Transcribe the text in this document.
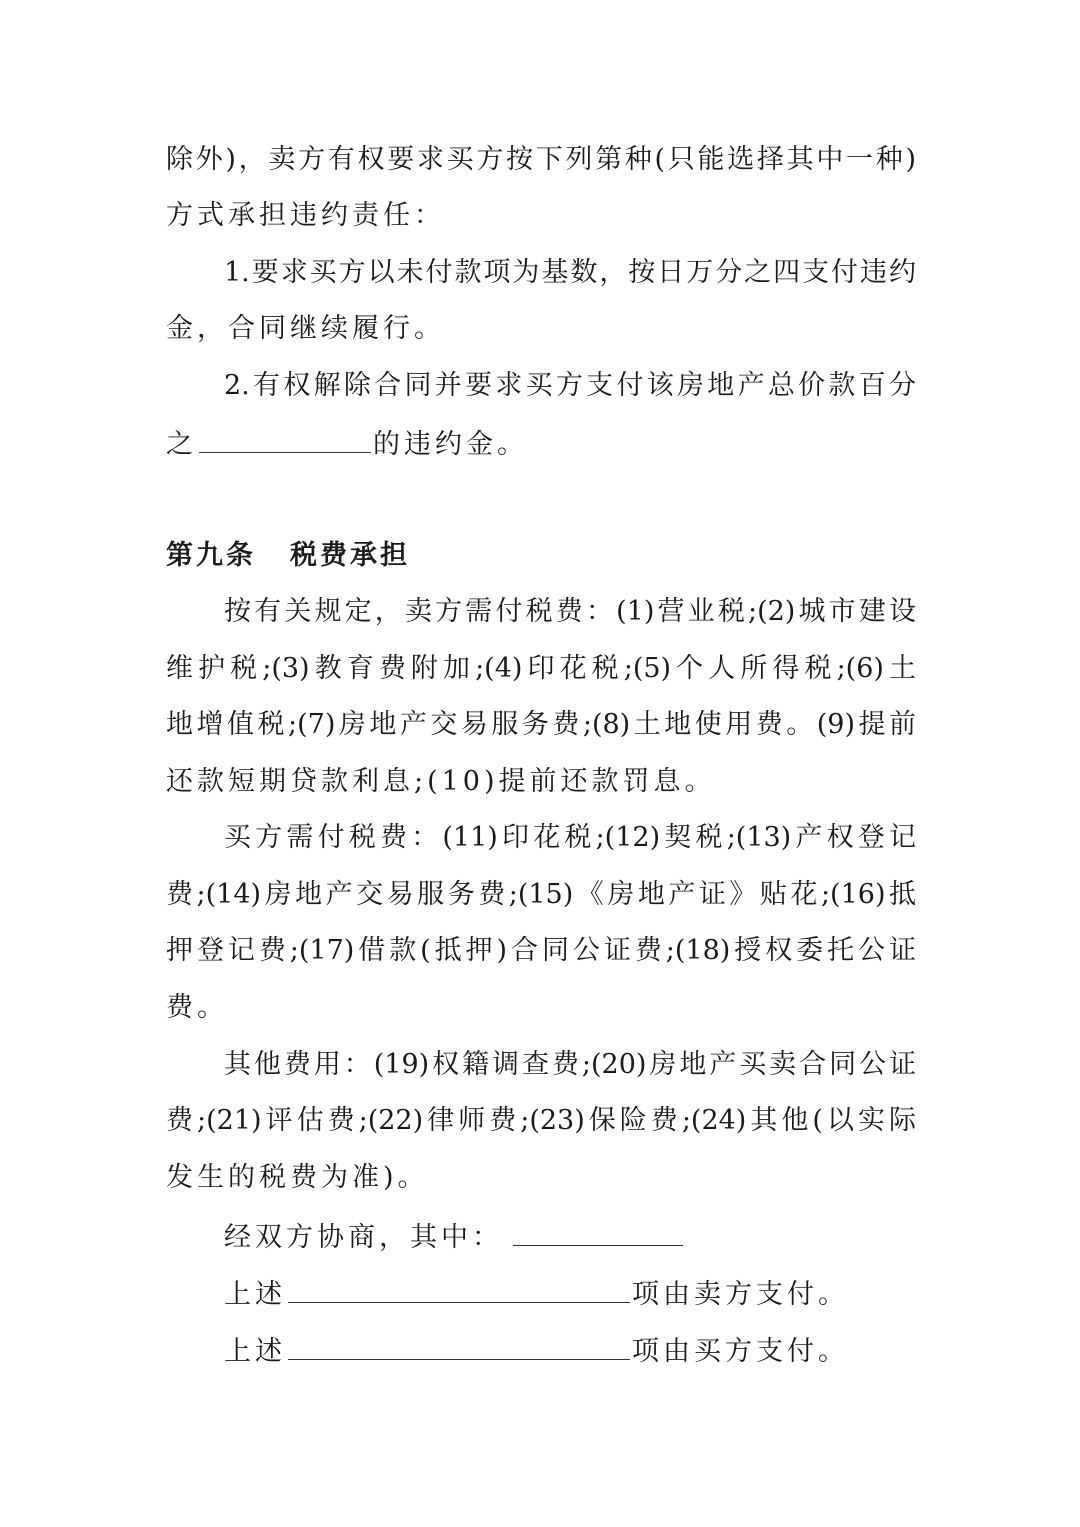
除外)，卖方有权要求买方按下列第种(只能选择其中一种)
方式承担违约责任：
1.要求买方以未付款项为基数，按日万分之四支付违约
金，合同继续履行。
2.有权解除合同并要求买方支付该房地产总价款百分
之	的违约金。
第九条 税费承担
按有关规定，卖方需付税费：(1)营业税;(2)城市建设
维护税;(3)教育费附加;(4)印花税;(5)个人所得税;(6)土
地增值税;(7)房地产交易服务费;(8)土地使用费。(9)提前
还款短期贷款利息;(10)提前还款罚息。
买方需付税费：(11)印花税;(12)契税;(13)产权登记
费;(14)房地产交易服务费;(15)《房地产证》贴花;(16)抵
押登记费;(17)借款(抵押)合同公证费;(18)授权委托公证
费。
其他费用：(19)权籍调查费;(20)房地产买卖合同公证
费;(21)评估费;(22)律师费;(23)保险费;(24)其他(以实际
发生的税费为准)。
经双方协商，其中：
上述	项由卖方支付。
上述	项由买方支付。
